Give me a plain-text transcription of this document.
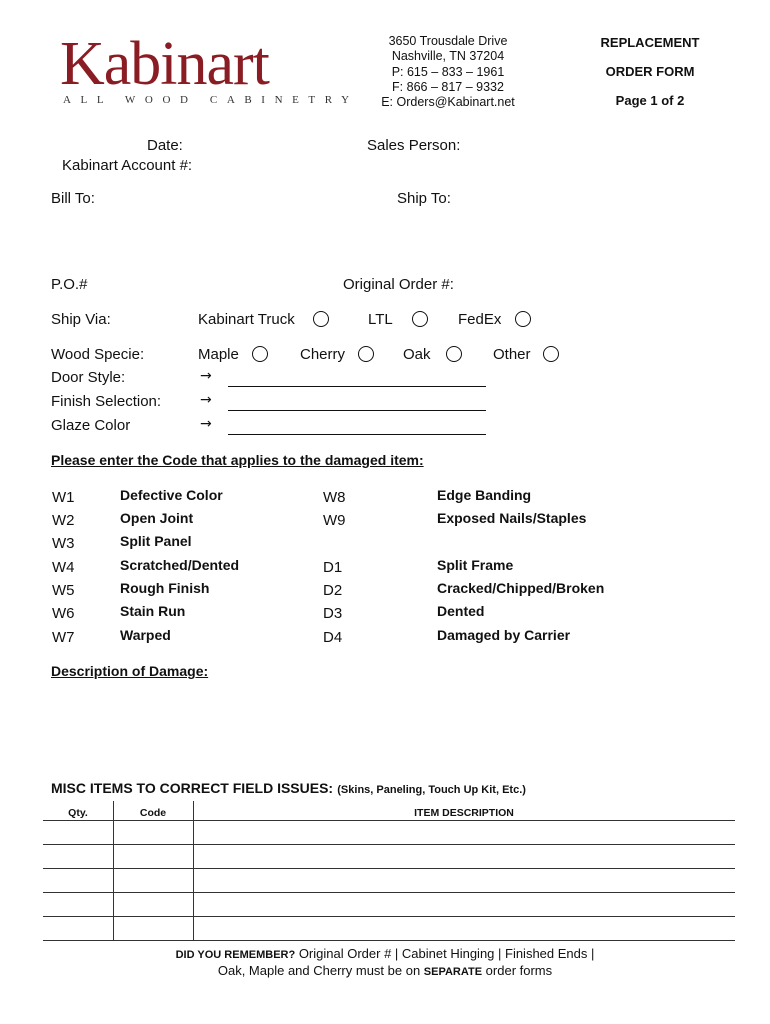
Kabinart
ALL WOOD CABINETRY
3650 Trousdale Drive
Nashville, TN 37204
P: 615 – 833 – 1961
F: 866 – 817 – 9332
E: Orders@Kabinart.net
REPLACEMENT
ORDER FORM
Page 1 of 2
Date:	Sales Person:
Kabinart Account #:
Bill To:	Ship To:
P.O.#	Original Order #:
Ship Via:	Kabinart Truck	LTL	FedEx
Wood Specie:	Maple	Cherry	Oak	Other
Door Style:	→
Finish Selection:	→
Glaze Color	→
Please enter the Code that applies to the damaged item:
W1	Defective Color
W2	Open Joint
W3	Split Panel
W4	Scratched/Dented
W5	Rough Finish
W6	Stain Run
W7	Warped
W8	Edge Banding
W9	Exposed Nails/Staples
D1	Split Frame
D2	Cracked/Chipped/Broken
D3	Dented
D4	Damaged by Carrier
Description of Damage:
MISC ITEMS TO CORRECT FIELD ISSUES: (Skins, Paneling, Touch Up Kit, Etc.)
Qty.	Code	ITEM DESCRIPTION
DID YOU REMEMBER? Original Order # | Cabinet Hinging | Finished Ends |
Oak, Maple and Cherry must be on SEPARATE order forms
